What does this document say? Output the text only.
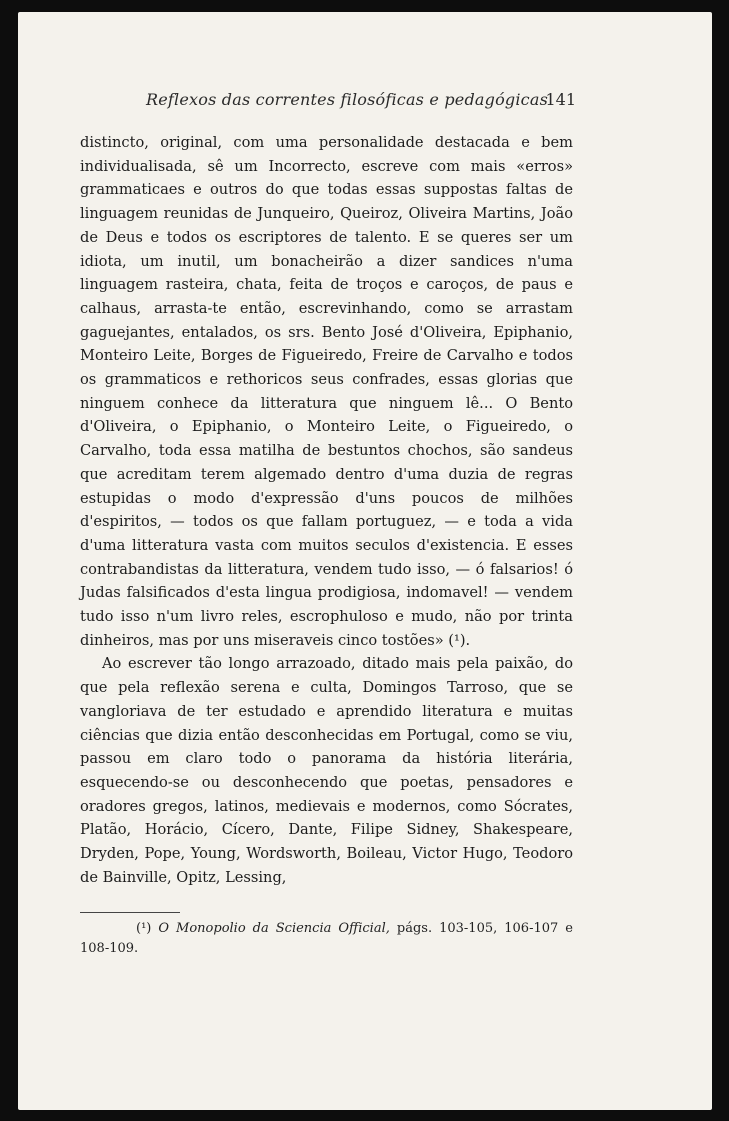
Reflexos das correntes filosóficas e pedagógicas
141

distincto, original, com uma personalidade destacada e bem individualisada, sê um Incorrecto, escreve com mais «erros» grammaticaes e outros do que todas essas suppostas faltas de linguagem reunidas de Junqueiro, Queiroz, Oliveira Martins, João de Deus e todos os escriptores de talento. E se queres ser um idiota, um inutil, um bonacheirão a dizer sandices n'uma linguagem rasteira, chata, feita de troços e caroços, de paus e calhaus, arrasta-te então, escrevinhando, como se arrastam gaguejantes, entalados, os srs. Bento José d'Oliveira, Epiphanio, Monteiro Leite, Borges de Figueiredo, Freire de Carvalho e todos os grammaticos e rethoricos seus confrades, essas glorias que ninguem conhece da litteratura que ninguem lê... O Bento d'Oliveira, o Epiphanio, o Monteiro Leite, o Figueiredo, o Carvalho, toda essa matilha de bestuntos chochos, são sandeus que acreditam terem algemado dentro d'uma duzia de regras estupidas o modo d'expressão d'uns poucos de milhões d'espiritos, — todos os que fallam portuguez, — e toda a vida d'uma litteratura vasta com muitos seculos d'existencia. E esses contrabandistas da litteratura, vendem tudo isso, — ó falsarios! ó Judas falsificados d'esta lingua prodigiosa, indomavel! — vendem tudo isso n'um livro reles, escrophuloso e mudo, não por trinta dinheiros, mas por uns miseraveis cinco tostões» (¹).

Ao escrever tão longo arrazoado, ditado mais pela paixão, do que pela reflexão serena e culta, Domingos Tarroso, que se vangloriava de ter estudado e aprendido literatura e muitas ciências que dizia então desconhecidas em Portugal, como se viu, passou em claro todo o panorama da história literária, esquecendo-se ou desconhecendo que poetas, pensadores e oradores gregos, latinos, medievais e modernos, como Sócrates, Platão, Horácio, Cícero, Dante, Filipe Sidney, Shakespeare, Dryden, Pope, Young, Wordsworth, Boileau, Victor Hugo, Teodoro de Bainville, Opitz, Lessing,

(¹) O Monopolio da Sciencia Official, págs. 103-105, 106-107 e 108-109.
